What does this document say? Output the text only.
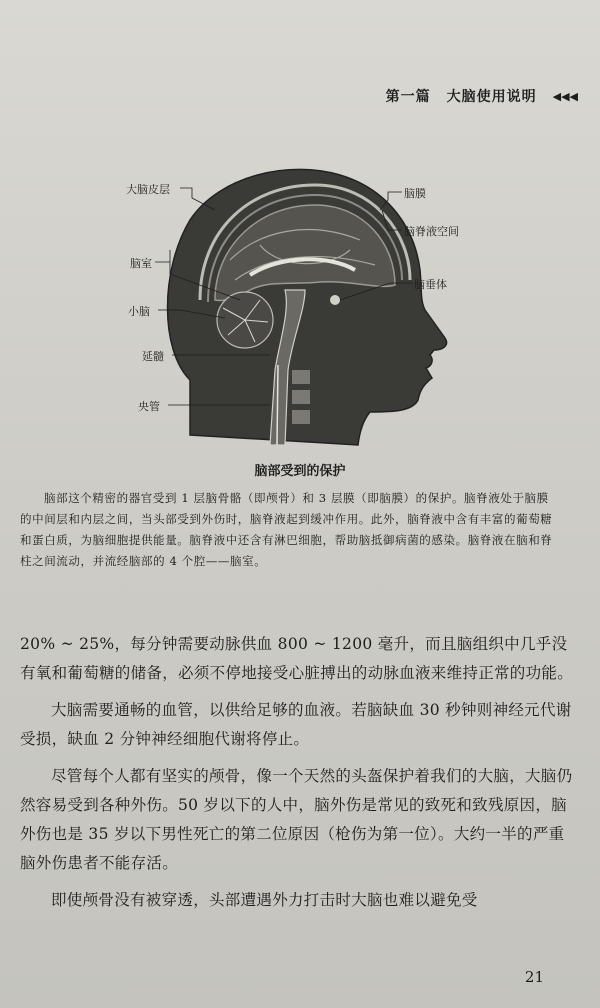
第一篇 大脑使用说明 ◀◀◀
大脑皮层
脑室
小脑
延髓
央管
脑膜
脑脊液空间
脑垂体
脑部受到的保护
脑部这个精密的器官受到 1 层脑骨骼（即颅骨）和 3 层膜（即脑膜）的保护。脑脊液处于脑膜的中间层和内层之间，当头部受到外伤时，脑脊液起到缓冲作用。此外，脑脊液中含有丰富的葡萄糖和蛋白质，为脑细胞提供能量。脑脊液中还含有淋巴细胞，帮助脑抵御病菌的感染。脑脊液在脑和脊柱之间流动，并流经脑部的 4 个腔——脑室。

20% ~ 25%，每分钟需要动脉供血 800 ~ 1200 毫升，而且脑组织中几乎没有氧和葡萄糖的储备，必须不停地接受心脏搏出的动脉血液来维持正常的功能。

大脑需要通畅的血管，以供给足够的血液。若脑缺血 30 秒钟则神经元代谢受损，缺血 2 分钟神经细胞代谢将停止。

尽管每个人都有坚实的颅骨，像一个天然的头盔保护着我们的大脑，大脑仍然容易受到各种外伤。50 岁以下的人中，脑外伤是常见的致死和致残原因，脑外伤也是 35 岁以下男性死亡的第二位原因（枪伤为第一位）。大约一半的严重脑外伤患者不能存活。

即使颅骨没有被穿透，头部遭遇外力打击时大脑也难以避免受

21
